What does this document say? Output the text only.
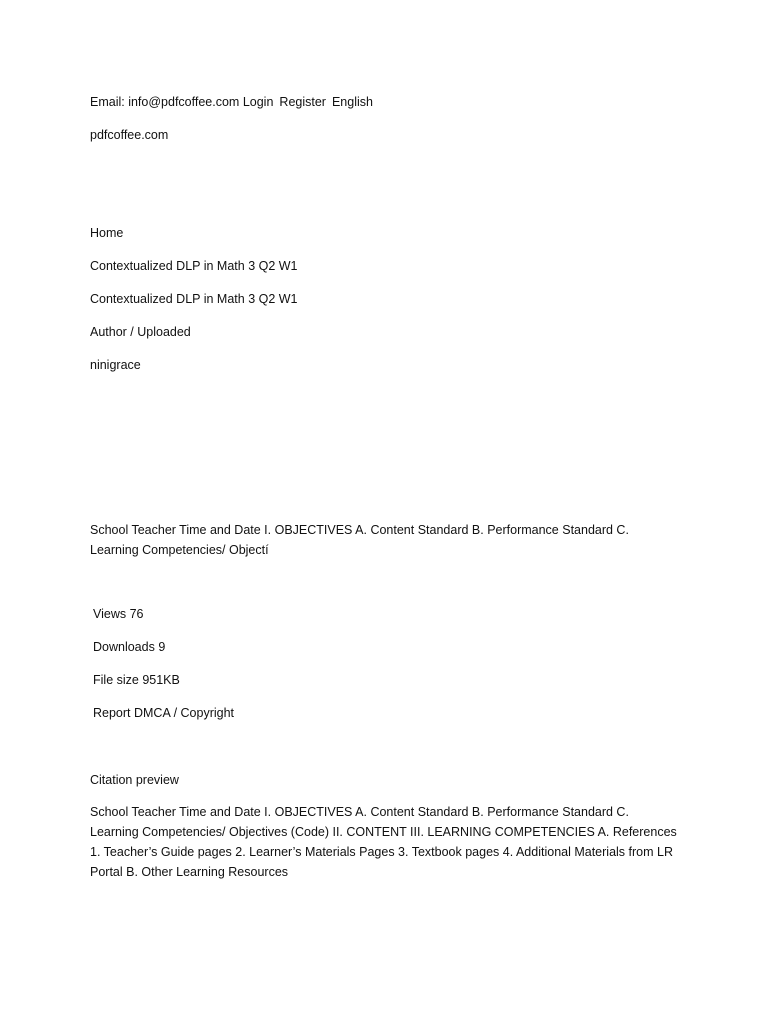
Email: info@pdfcoffee.com Login Register English
pdfcoffee.com
Home
Contextualized DLP in Math 3 Q2 W1
Contextualized DLP in Math 3 Q2 W1
Author / Uploaded
ninigrace
School Teacher Time and Date I. OBJECTIVES A. Content Standard B. Performance Standard C. Learning Competencies/ Objectí
Views 76
Downloads 9
File size 951KB
Report DMCA / Copyright
Citation preview
School Teacher Time and Date I. OBJECTIVES A. Content Standard B. Performance Standard C. Learning Competencies/ Objectives (Code) II. CONTENT III. LEARNING COMPETENCIES A. References 1. Teacher’s Guide pages 2. Learner’s Materials Pages 3. Textbook pages 4. Additional Materials from LR Portal B. Other Learning Resources
